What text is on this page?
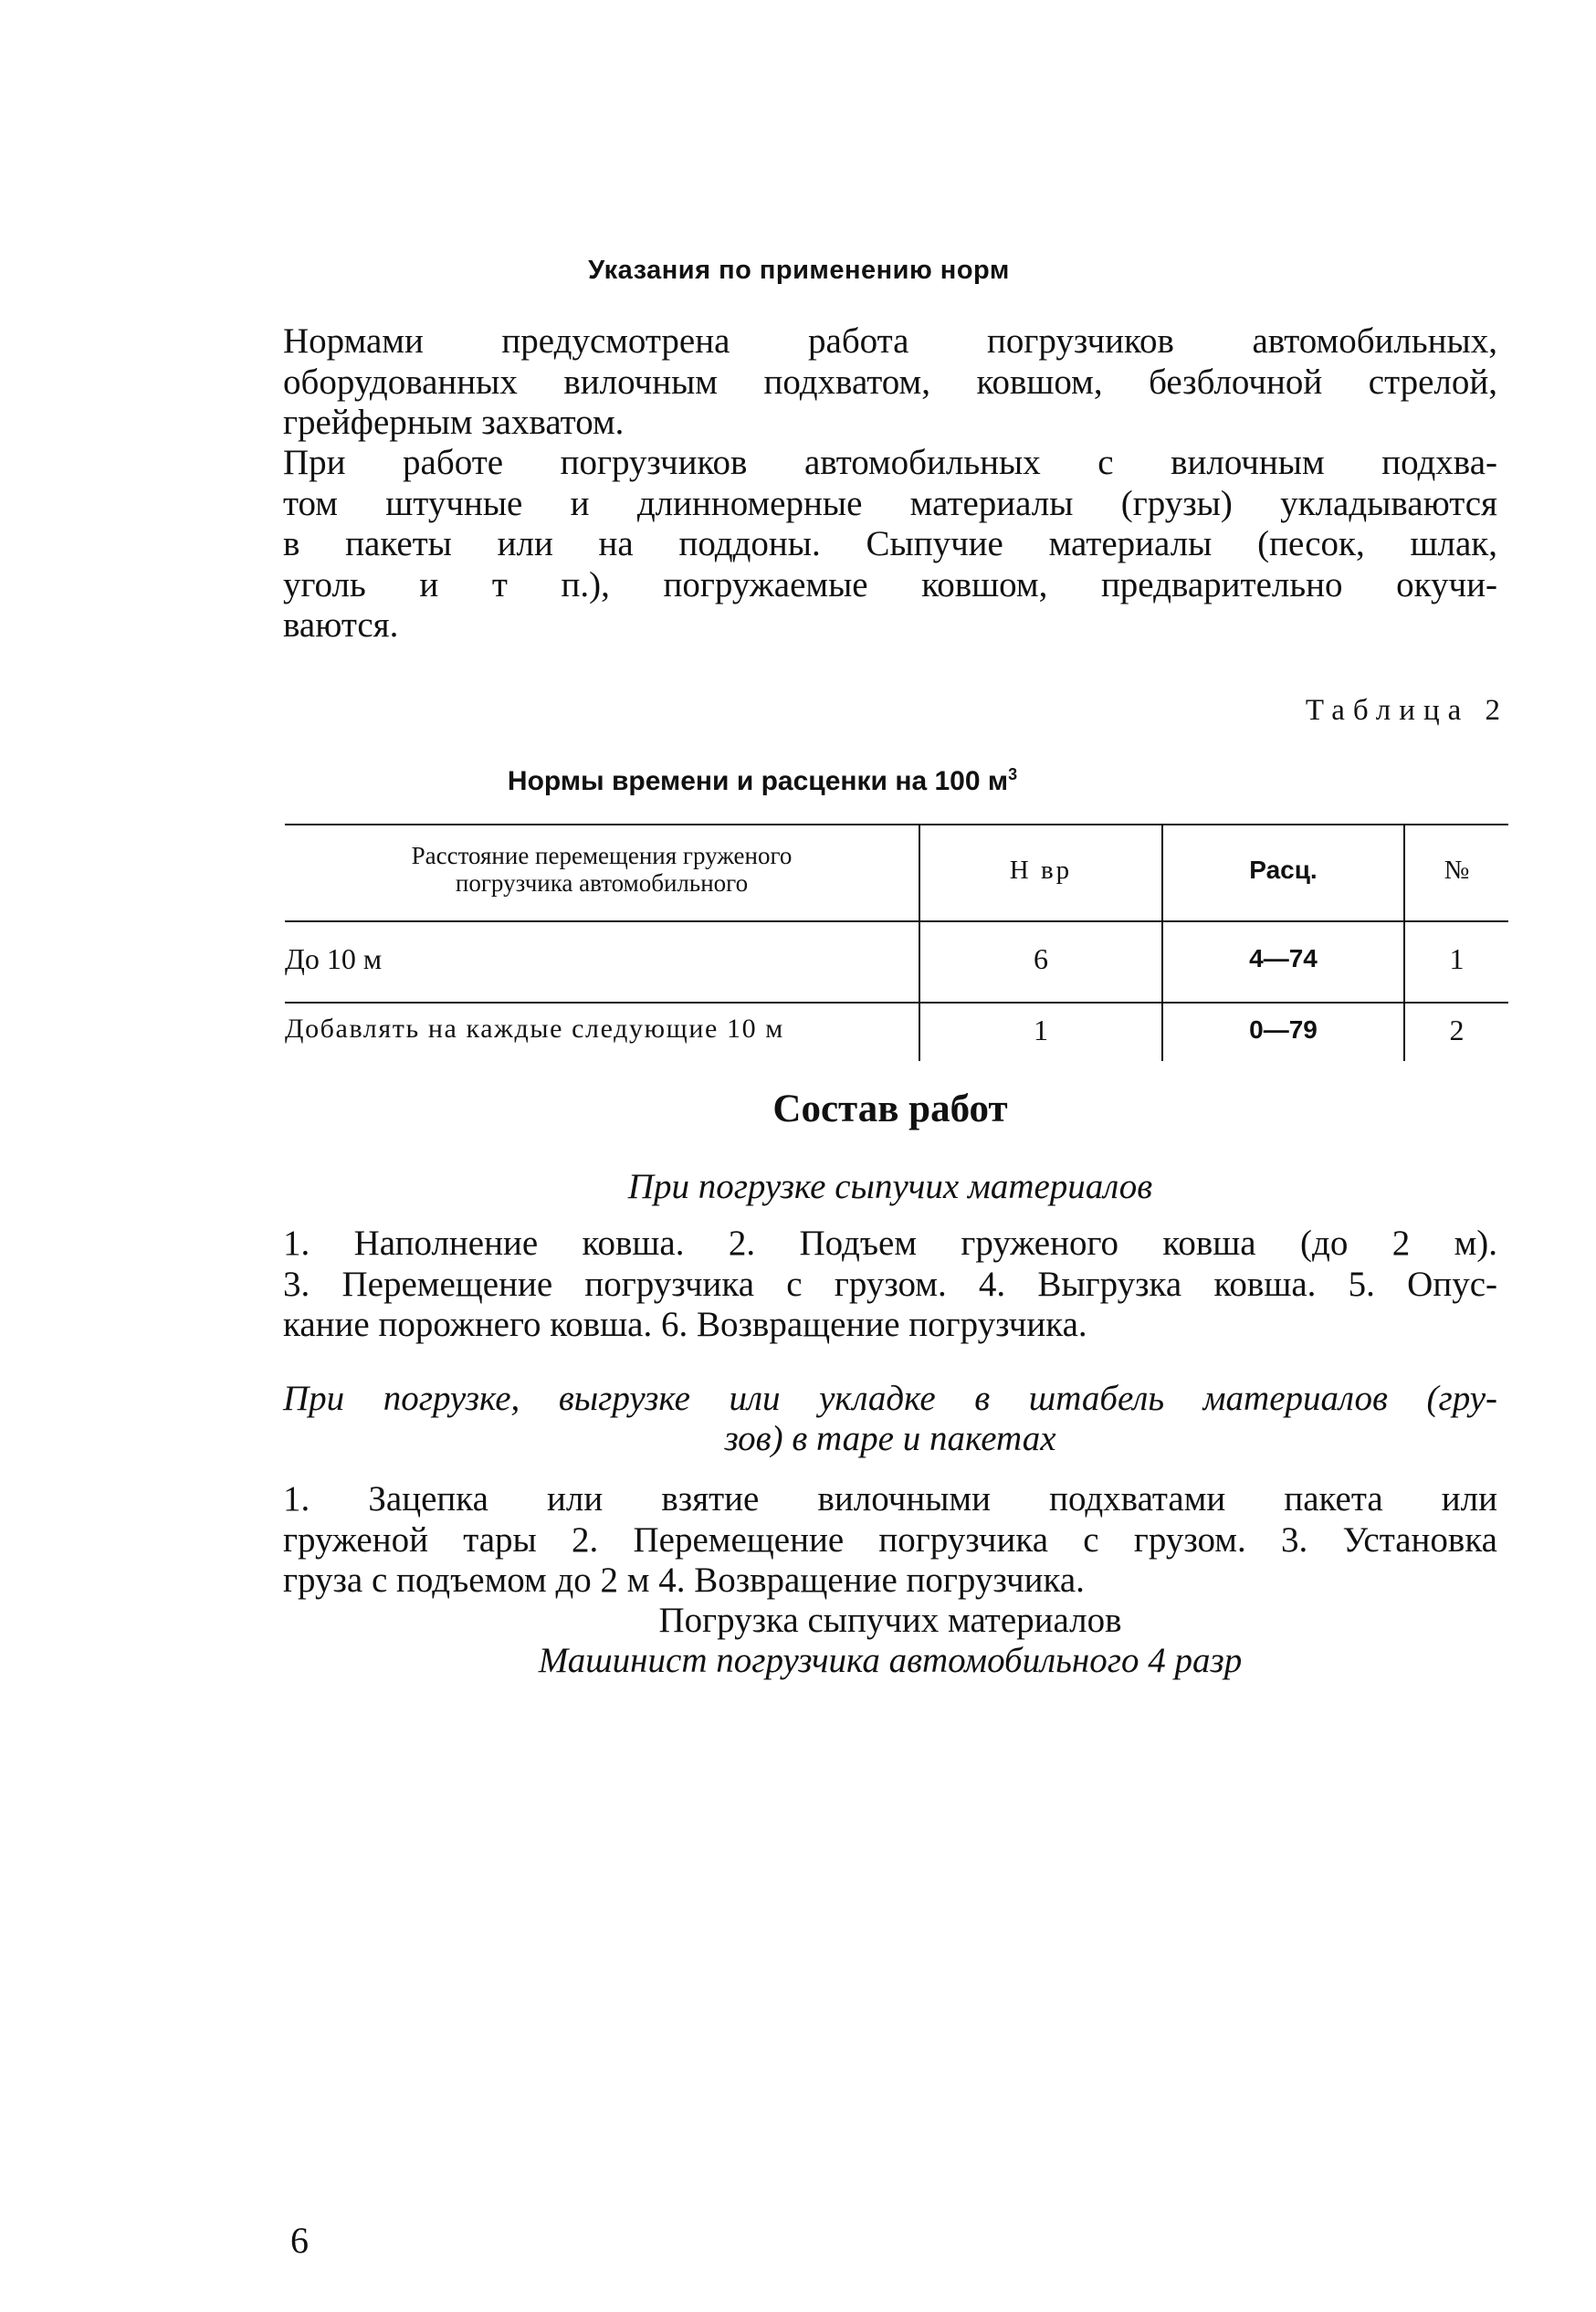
Указания по применению норм
Нормами предусмотрена работа погрузчиков автомобильных,
оборудованных вилочным подхватом, ковшом, безблочной стрелой,
грейферным захватом.
При работе погрузчиков автомобильных с вилочным подхва-
том штучные и длинномерные материалы (грузы) укладываются
в пакеты или на поддоны. Сыпучие материалы (песок, шлак,
уголь и т п.), погружаемые ковшом, предварительно окучи-
ваются.
Таблица 2
Нормы времени и расценки на 100 $м^3$
Расстояние перемещения груженого
погрузчика автомобильного	Н вр	Расц.	№
До 10 м	6	4—74	1
Добавлять на каждые следующие 10 м	1	0—79	2
Состав работ
При погрузке сыпучих материалов
1. Наполнение ковша. 2. Подъем груженого ковша (до 2 м).
3. Перемещение погрузчика с грузом. 4. Выгрузка ковша. 5. Опус-
кание порожнего ковша. 6. Возвращение погрузчика.
При погрузке, выгрузке или укладке в штабель материалов (гру-
зов) в таре и пакетах
1. Зацепка или взятие вилочными подхватами пакета или
груженой тары 2. Перемещение погрузчика с грузом. 3. Установка
груза с подъемом до 2 м 4. Возвращение погрузчика.
Погрузка сыпучих материалов
Машинист погрузчика автомобильного 4 разр
6
